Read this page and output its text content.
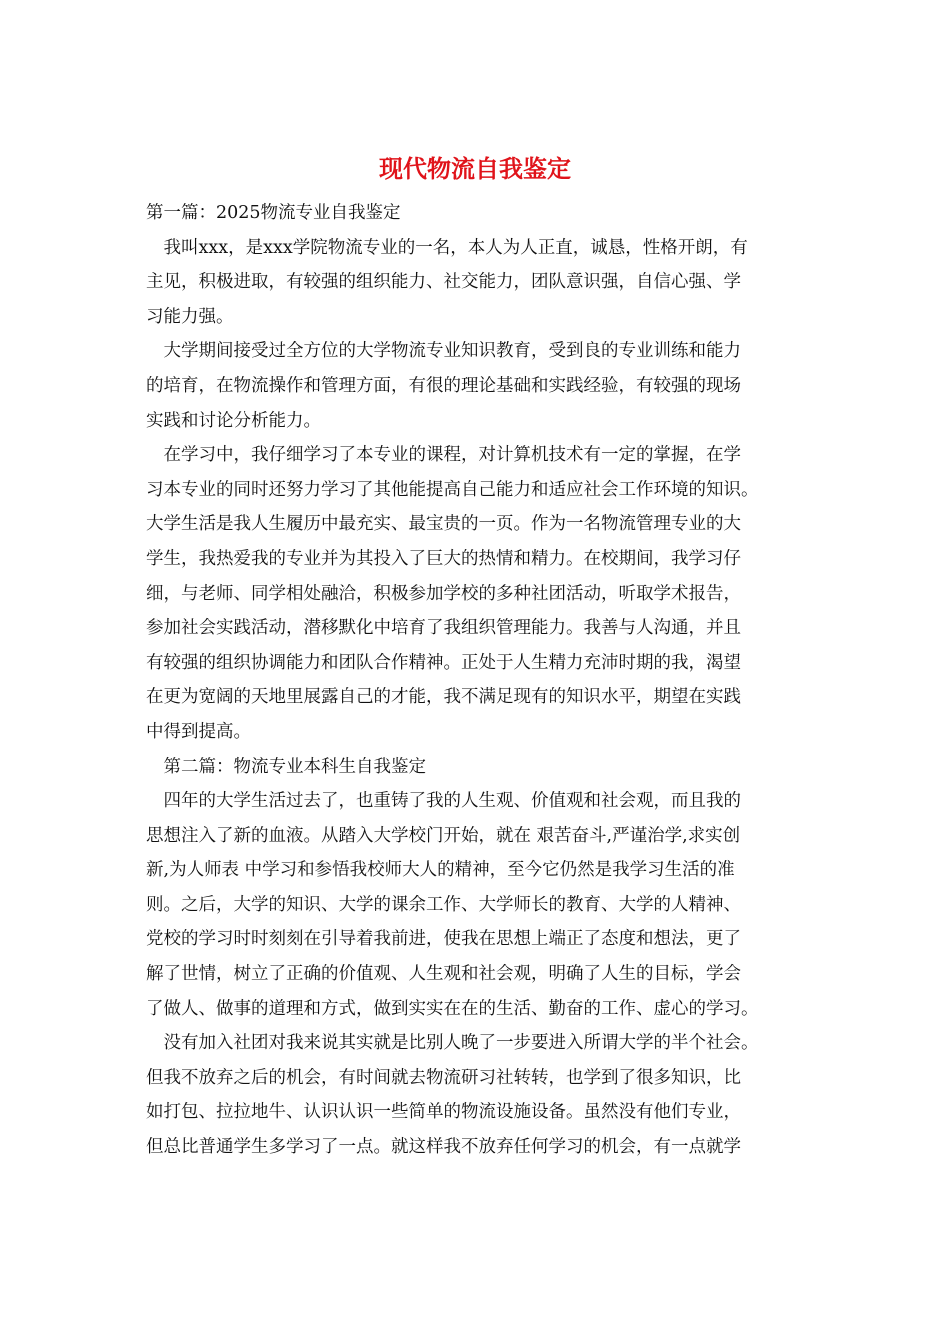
现代物流自我鉴定
第一篇：2025物流专业自我鉴定
　我叫xxx，是xxx学院物流专业的一名，本人为人正直，诚恳，性格开朗，有
主见，积极进取，有较强的组织能力、社交能力，团队意识强，自信心强、学
习能力强。
　大学期间接受过全方位的大学物流专业知识教育，受到良的专业训练和能力
的培育，在物流操作和管理方面，有很的理论基础和实践经验，有较强的现场
实践和讨论分析能力。
　在学习中，我仔细学习了本专业的课程，对计算机技术有一定的掌握，在学
习本专业的同时还努力学习了其他能提高自己能力和适应社会工作环境的知识。
大学生活是我人生履历中最充实、最宝贵的一页。作为一名物流管理专业的大
学生，我热爱我的专业并为其投入了巨大的热情和精力。在校期间，我学习仔
细，与老师、同学相处融洽，积极参加学校的多种社团活动，听取学术报告，
参加社会实践活动，潜移默化中培育了我组织管理能力。我善与人沟通，并且
有较强的组织协调能力和团队合作精神。正处于人生精力充沛时期的我，渴望
在更为宽阔的天地里展露自己的才能，我不满足现有的知识水平，期望在实践
中得到提高。
　第二篇：物流专业本科生自我鉴定
　四年的大学生活过去了，也重铸了我的人生观、价值观和社会观，而且我的
思想注入了新的血液。从踏入大学校门开始，就在 艰苦奋斗,严谨治学,求实创
新,为人师表 中学习和参悟我校师大人的精神，至今它仍然是我学习生活的准
则。之后，大学的知识、大学的课余工作、大学师长的教育、大学的人精神、
党校的学习时时刻刻在引导着我前进，使我在思想上端正了态度和想法，更了
解了世情，树立了正确的价值观、人生观和社会观，明确了人生的目标，学会
了做人、做事的道理和方式，做到实实在在的生活、勤奋的工作、虚心的学习。
　没有加入社团对我来说其实就是比别人晚了一步要进入所谓大学的半个社会。
但我不放弃之后的机会，有时间就去物流研习社转转，也学到了很多知识，比
如打包、拉拉地牛、认识认识一些简单的物流设施设备。虽然没有他们专业，
但总比普通学生多学习了一点。就这样我不放弃任何学习的机会，有一点就学
